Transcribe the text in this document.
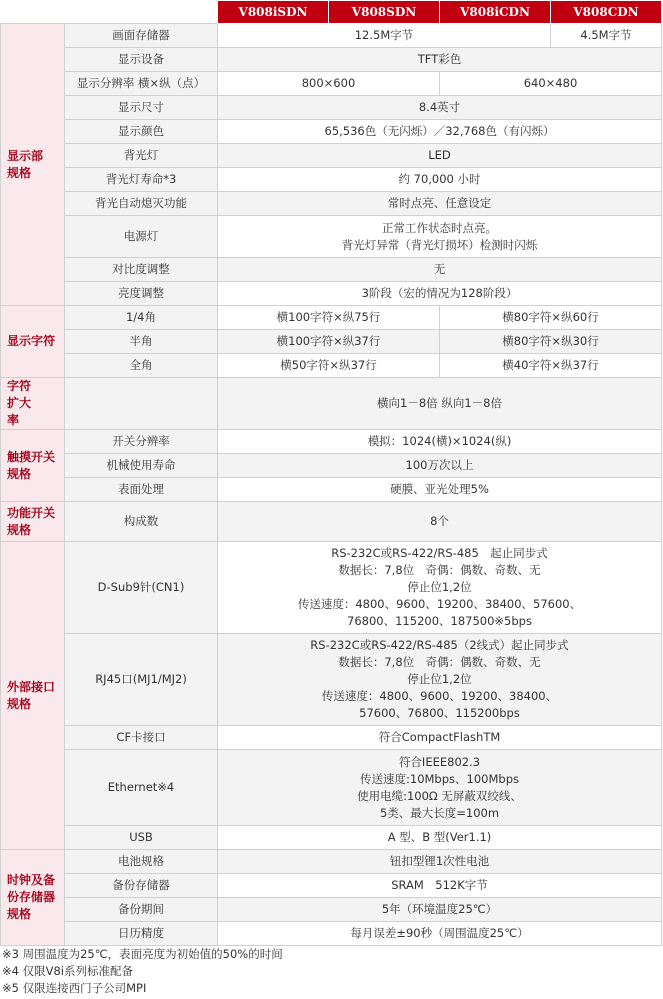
		V808iSDN	V808SDN	V808iCDN	V808CDN

显示部规格	画面存储器	12.5M字节			4.5M字节
	显示设备	TFT彩色			
	显示分辨率 横×纵（点）	800×600		640×480	
	显示尺寸	8.4英寸			
	显示颜色	65,536色（无闪烁）／32,768色（有闪烁）			
	背光灯	LED			
	背光灯寿命*3	约 70,000 小时			
	背光自动熄灭功能	常时点亮、任意设定			
	电源灯	正常工作状态时点亮。
背光灯异常（背光灯损坏）检测时闪烁			

	对比度调整	无			
	亮度调整	3阶段（宏的情况为128阶段）			

显示字符	1/4角	横100字符×纵75行		横80字符×纵60行	
	半角	横100字符×纵37行		横80字符×纵30行	
	全角	横50字符×纵37行		横40字符×纵37行	

字符扩大率		横向1－8倍 纵向1－8倍			

触摸开关规格	开关分辨率	模拟：1024(横)×1024(纵)			
	机械使用寿命	100万次以上			
	表面处理	硬膜、亚光处理5%			

功能开关规格	构成数	8个			

外部接口规格	D-Sub9针(CN1)	RS-232C或RS-422/RS-485　起止同步式
数据长：7,8位　奇偶：偶数、奇数、无
停止位1,2位
传送速度：4800、9600、19200、38400、57600、
76800、115200、187500※5bps			

	RJ45口(MJ1/MJ2)	RS-232C或RS-422/RS-485（2线式）起止同步式
数据长：7,8位　奇偶：偶数、奇数、无
停止位1,2位
传送速度：4800、9600、19200、38400、
57600、76800、115200bps			

	CF卡接口	符合CompactFlashTM			
	Ethernet※4	符合IEEE802.3
传送速度:10Mbps、100Mbps
使用电缆:100Ω 无屏蔽双绞线、
5类、最大长度=100m			

	USB	A 型、B 型(Ver1.1)			

时钟及备份存储器规格	电池规格	钮扣型锂1次性电池			
	备份存储器	SRAM　512K字节			
	备份期间	5年（环境温度25℃）			
	日历精度	每月误差±90秒（周围温度25℃）			
※3 周围温度为25℃，表面亮度为初始值的50%的时间
※4 仅限V8i系列标准配备
※5 仅限连接西门子公司MPI
